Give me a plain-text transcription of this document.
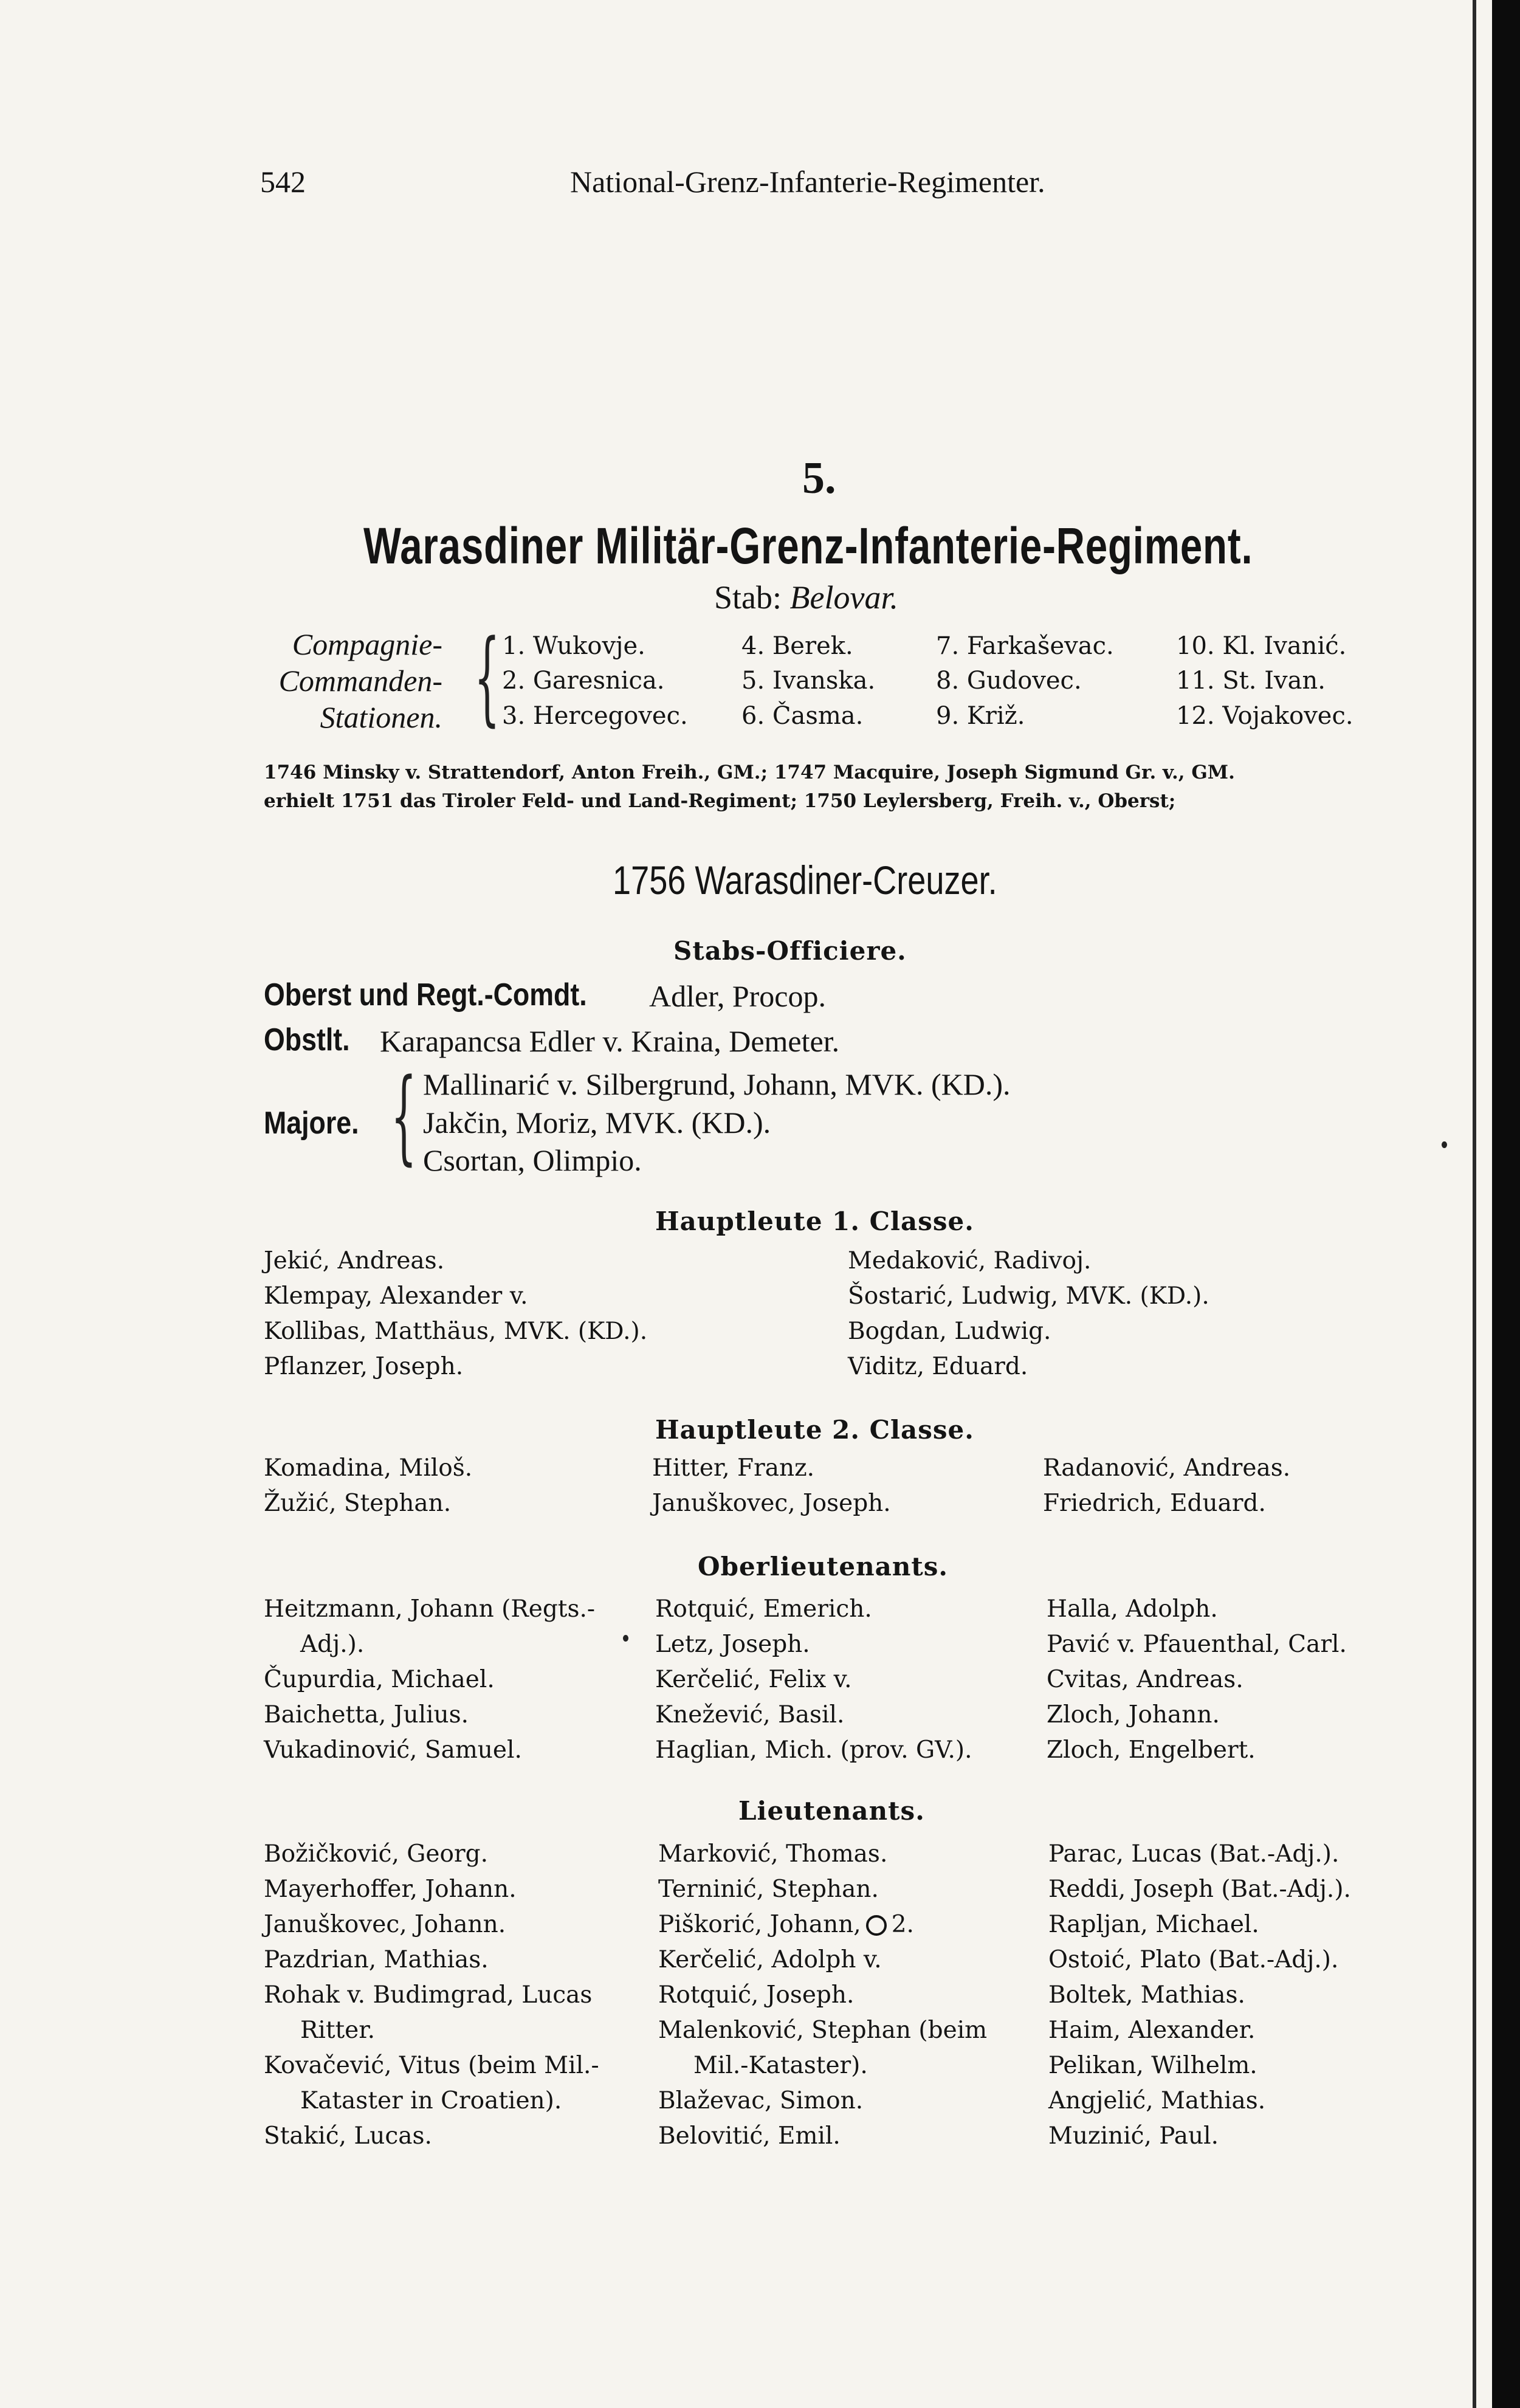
542	National-Grenz-Infanterie-Regimenter.
5.
Warasdiner Militär-Grenz-Infanterie-Regiment.
Stab: Belovar.
Compagnie-
Commanden-
Stationen. { 1. Wukovje.
2. Garesnica.
3. Hercegovec.
4. Berek.
5. Ivanska.
6. Časma.
7. Farkaševac.
8. Gudovec.
9. Križ.
10. Kl. Ivanić.
11. St. Ivan.
12. Vojakovec.
1746 Minsky v. Strattendorf, Anton Freih., GM.; 1747 Macquire, Joseph Sigmund Gr. v., GM.
erhielt 1751 das Tiroler Feld- und Land-Regiment; 1750 Leylersberg, Freih. v., Oberst;
1756 Warasdiner-Creuzer.
Stabs-Officiere.
Oberst und Regt.-Comdt. Adler, Procop.
Obstlt. Karapancsa Edler v. Kraina, Demeter.
Majore. { Mallinarić v. Silbergrund, Johann, MVK. (KD.).
Jakčin, Moriz, MVK. (KD.).
Csortan, Olimpio.
Hauptleute 1. Classe.
Jekić, Andreas.
Klempay, Alexander v.
Kollibas, Matthäus, MVK. (KD.).
Pflanzer, Joseph.
Medaković, Radivoj.
Šostarić, Ludwig, MVK. (KD.).
Bogdan, Ludwig.
Viditz, Eduard.
Hauptleute 2. Classe.
Komadina, Miloš.
Žužić, Stephan.
Hitter, Franz.
Januškovec, Joseph.
Radanović, Andreas.
Friedrich, Eduard.
Oberlieutenants.
Heitzmann, Johann (Regts.-
Adj.).
Čupurdia, Michael.
Baichetta, Julius.
Vukadinović, Samuel.
Rotquić, Emerich.
Letz, Joseph.
Kerčelić, Felix v.
Knežević, Basil.
Haglian, Mich. (prov. GV.).
Halla, Adolph.
Pavić v. Pfauenthal, Carl.
Cvitas, Andreas.
Zloch, Johann.
Zloch, Engelbert.
Lieutenants.
Božičković, Georg.
Mayerhoffer, Johann.
Januškovec, Johann.
Pazdrian, Mathias.
Rohak v. Budimgrad, Lucas
Ritter.
Kovačević, Vitus (beim Mil.-
Kataster in Croatien).
Stakić, Lucas.
Marković, Thomas.
Terninić, Stephan.
Piškorić, Johann, 2.
Kerčelić, Adolph v.
Rotquić, Joseph.
Malenković, Stephan (beim
Mil.-Kataster).
Blaževac, Simon.
Belovitić, Emil.
Parac, Lucas (Bat.-Adj.).
Reddi, Joseph (Bat.-Adj.).
Rapljan, Michael.
Ostoić, Plato (Bat.-Adj.).
Boltek, Mathias.
Haim, Alexander.
Pelikan, Wilhelm.
Angjelić, Mathias.
Muzinić, Paul.
